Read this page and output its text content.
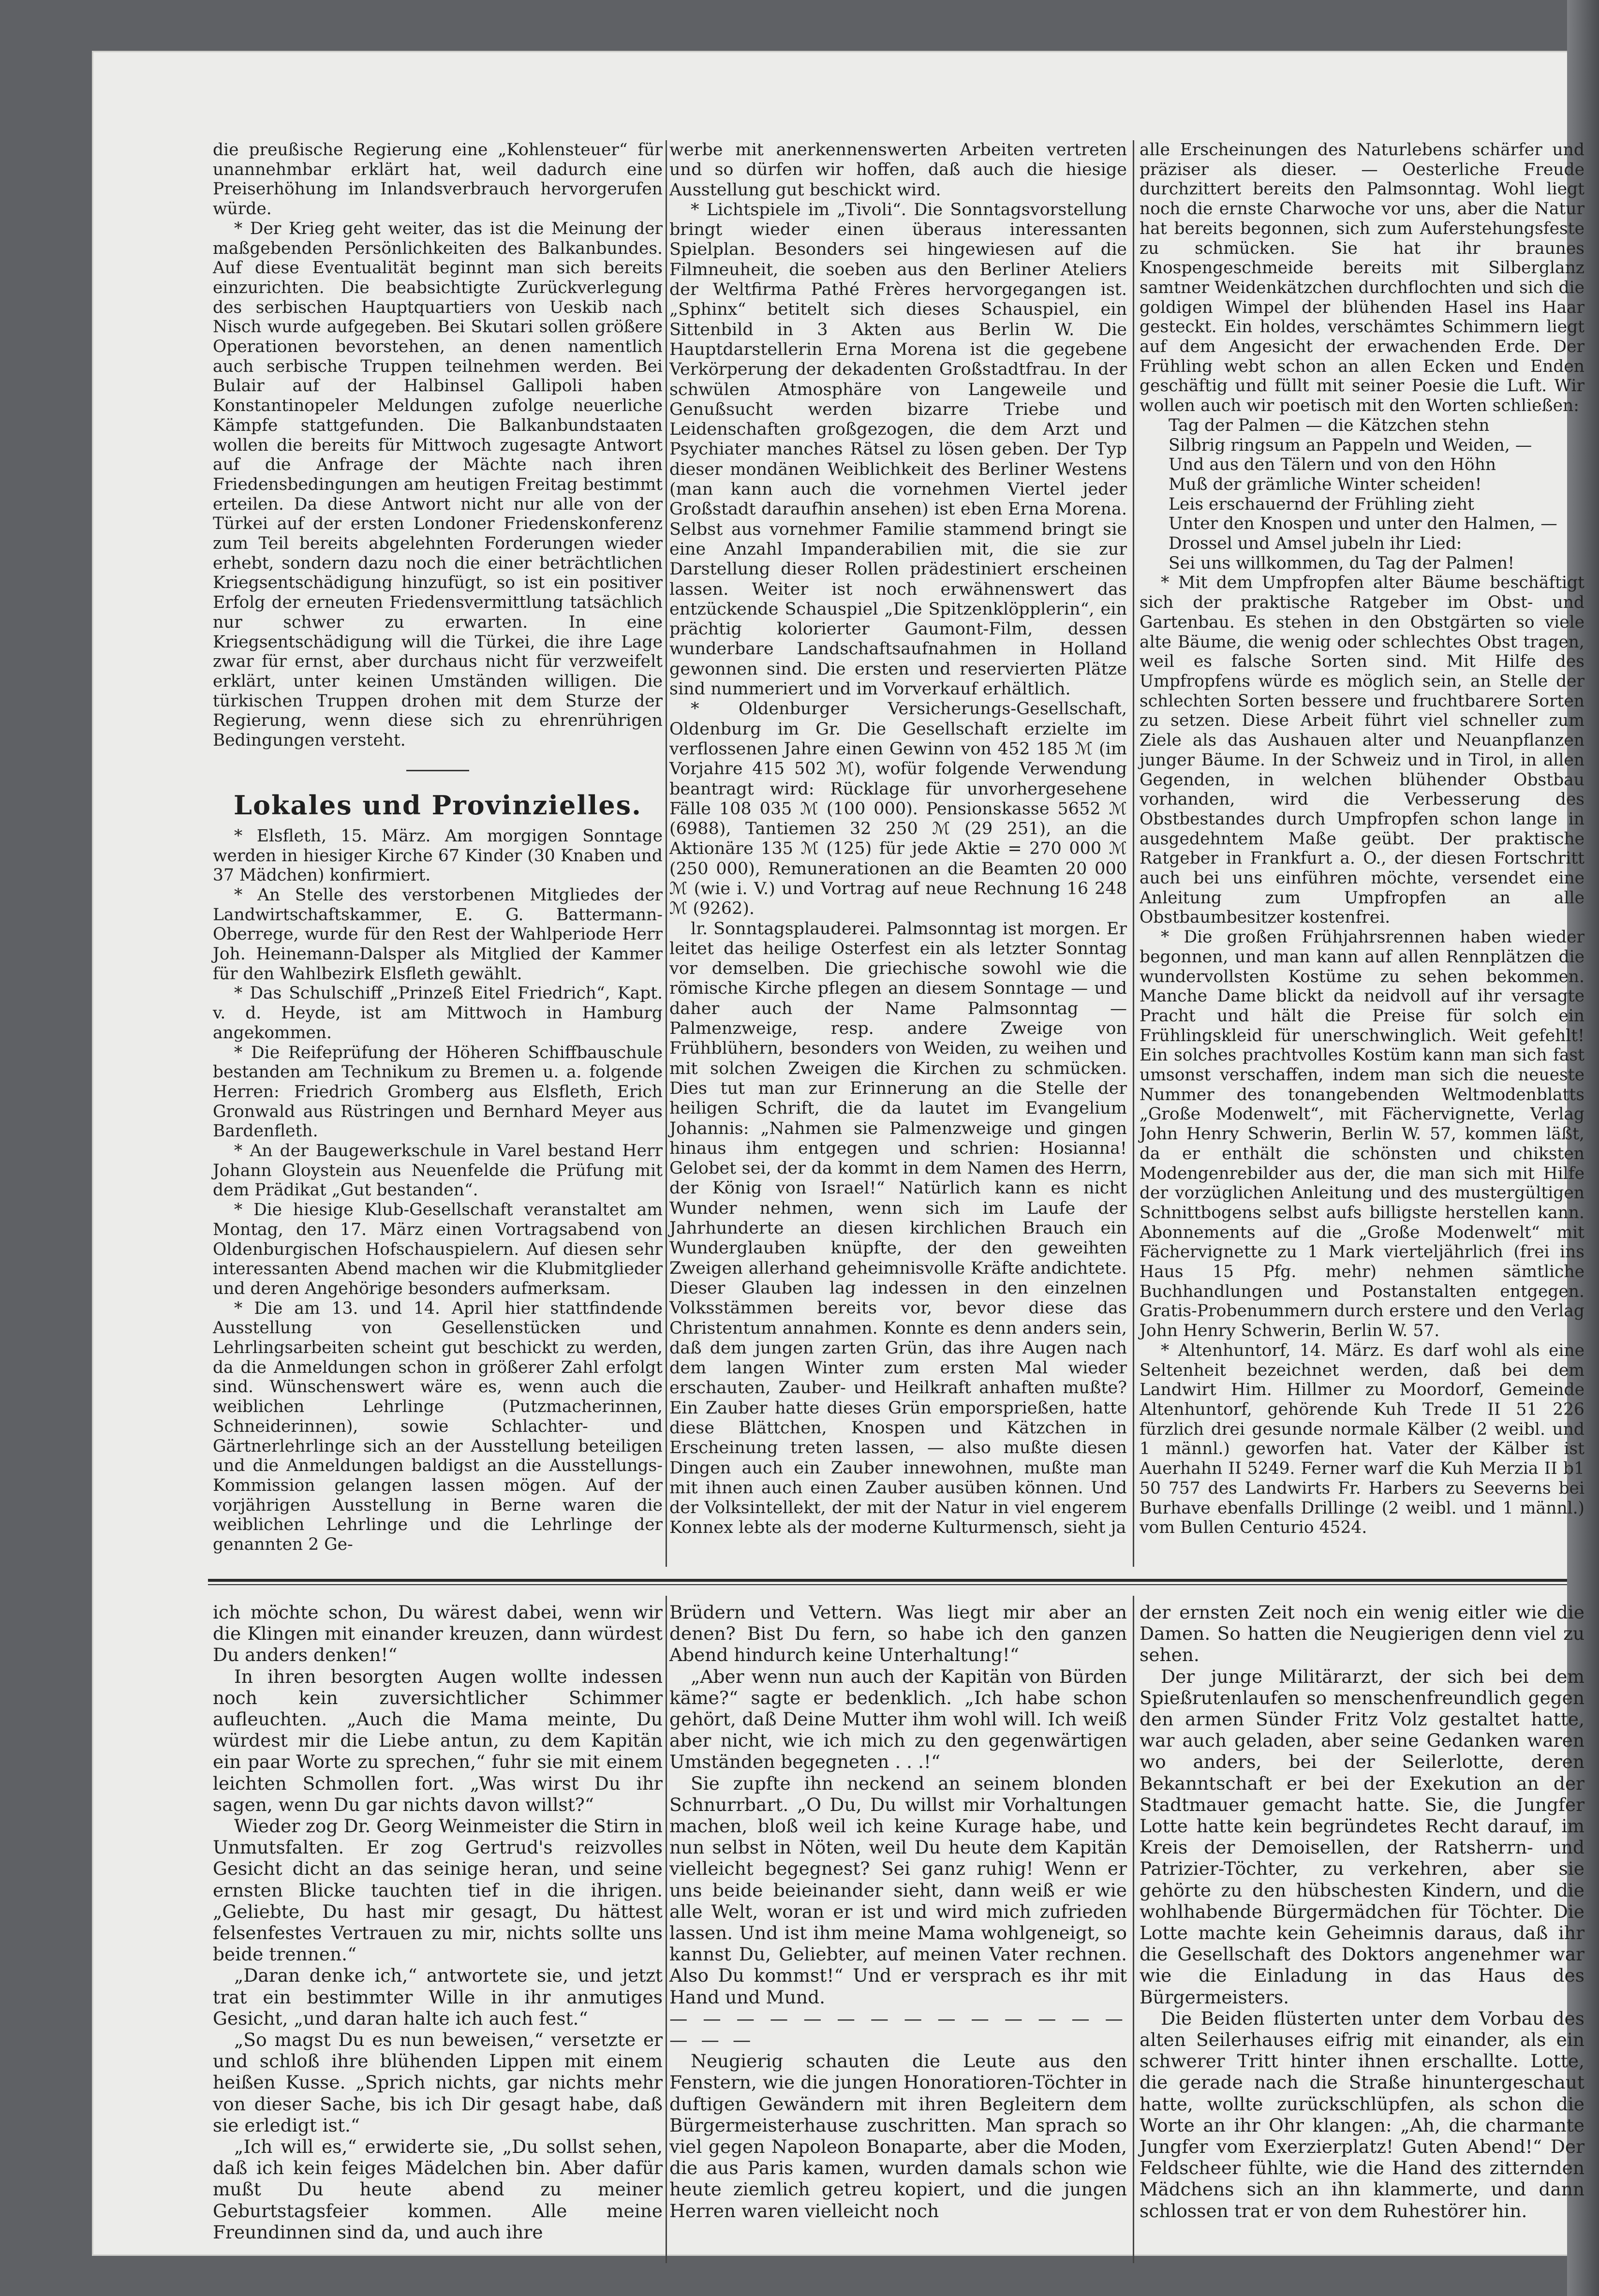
die preußische Regierung eine „Kohlensteuer“ für unannehmbar erklärt hat, weil dadurch eine Preiserhöhung im Inlandsverbrauch hervorgerufen würde.

* Der Krieg geht weiter, das ist die Meinung der maßgebenden Persönlichkeiten des Balkanbundes. Auf diese Eventualität beginnt man sich bereits einzurichten. Die beabsichtigte Zurückverlegung des serbischen Hauptquartiers von Ueskib nach Nisch wurde aufgegeben. Bei Skutari sollen größere Operationen bevorstehen, an denen namentlich auch serbische Truppen teilnehmen werden. Bei Bulair auf der Halbinsel Gallipoli haben Konstantinopeler Meldungen zufolge neuerliche Kämpfe stattgefunden. Die Balkanbundstaaten wollen die bereits für Mittwoch zugesagte Antwort auf die Anfrage der Mächte nach ihren Friedensbedingungen am heutigen Freitag bestimmt erteilen. Da diese Antwort nicht nur alle von der Türkei auf der ersten Londoner Friedenskonferenz zum Teil bereits abgelehnten Forderungen wieder erhebt, sondern dazu noch die einer beträchtlichen Kriegsentschädigung hinzufügt, so ist ein positiver Erfolg der erneuten Friedensvermittlung tatsächlich nur schwer zu erwarten. In eine Kriegsentschädigung will die Türkei, die ihre Lage zwar für ernst, aber durchaus nicht für verzweifelt erklärt, unter keinen Umständen willigen. Die türkischen Truppen drohen mit dem Sturze der Regierung, wenn diese sich zu ehrenrührigen Bedingungen versteht.

Lokales und Provinzielles.

* Elsfleth, 15. März. Am morgigen Sonntage werden in hiesiger Kirche 67 Kinder (30 Knaben und 37 Mädchen) konfirmiert.

* An Stelle des verstorbenen Mitgliedes der Landwirtschaftskammer, E. G. Battermann-Oberrege, wurde für den Rest der Wahlperiode Herr Joh. Heinemann-Dalsper als Mitglied der Kammer für den Wahlbezirk Elsfleth gewählt.

* Das Schulschiff „Prinzeß Eitel Friedrich“, Kapt. v. d. Heyde, ist am Mittwoch in Hamburg angekommen.

* Die Reifeprüfung der Höheren Schiffbauschule bestanden am Technikum zu Bremen u. a. folgende Herren: Friedrich Gromberg aus Elsfleth, Erich Gronwald aus Rüstringen und Bernhard Meyer aus Bardenfleth.

* An der Baugewerkschule in Varel bestand Herr Johann Gloystein aus Neuenfelde die Prüfung mit dem Prädikat „Gut bestanden“.

* Die hiesige Klub-Gesellschaft veranstaltet am Montag, den 17. März einen Vortragsabend von Oldenburgischen Hofschauspielern. Auf diesen sehr interessanten Abend machen wir die Klubmitglieder und deren Angehörige besonders aufmerksam.

* Die am 13. und 14. April hier stattfindende Ausstellung von Gesellenstücken und Lehrlingsarbeiten scheint gut beschickt zu werden, da die Anmeldungen schon in größerer Zahl erfolgt sind. Wünschenswert wäre es, wenn auch die weiblichen Lehrlinge (Putzmacherinnen, Schneiderinnen), sowie Schlachter- und Gärtnerlehrlinge sich an der Ausstellung beteiligen und die Anmeldungen baldigst an die Ausstellungs-Kommission gelangen lassen mögen. Auf der vorjährigen Ausstellung in Berne waren die weiblichen Lehrlinge und die Lehrlinge der genannten 2 Ge-

werbe mit anerkennenswerten Arbeiten vertreten und so dürfen wir hoffen, daß auch die hiesige Ausstellung gut beschickt wird.

* Lichtspiele im „Tivoli“. Die Sonntagsvorstellung bringt wieder einen überaus interessanten Spielplan. Besonders sei hingewiesen auf die Filmneuheit, die soeben aus den Berliner Ateliers der Weltfirma Pathé Frères hervorgegangen ist. „Sphinx“ betitelt sich dieses Schauspiel, ein Sittenbild in 3 Akten aus Berlin W. Die Hauptdarstellerin Erna Morena ist die gegebene Verkörperung der dekadenten Großstadtfrau. In der schwülen Atmosphäre von Langeweile und Genußsucht werden bizarre Triebe und Leidenschaften großgezogen, die dem Arzt und Psychiater manches Rätsel zu lösen geben. Der Typ dieser mondänen Weiblichkeit des Berliner Westens (man kann auch die vornehmen Viertel jeder Großstadt daraufhin ansehen) ist eben Erna Morena. Selbst aus vornehmer Familie stammend bringt sie eine Anzahl Impanderabilien mit, die sie zur Darstellung dieser Rollen prädestiniert erscheinen lassen. Weiter ist noch erwähnenswert das entzückende Schauspiel „Die Spitzenklöpplerin“, ein prächtig kolorierter Gaumont-Film, dessen wunderbare Landschaftsaufnahmen in Holland gewonnen sind. Die ersten und reservierten Plätze sind nummeriert und im Vorverkauf erhältlich.

* Oldenburger Versicherungs-Gesellschaft, Oldenburg im Gr. Die Gesellschaft erzielte im verflossenen Jahre einen Gewinn von 452 185 ℳ (im Vorjahre 415 502 ℳ), wofür folgende Verwendung beantragt wird: Rücklage für unvorhergesehene Fälle 108 035 ℳ (100 000). Pensionskasse 5652 ℳ (6988), Tantiemen 32 250 ℳ (29 251), an die Aktionäre 135 ℳ (125) für jede Aktie = 270 000 ℳ (250 000), Remunerationen an die Beamten 20 000 ℳ (wie i. V.) und Vortrag auf neue Rechnung 16 248 ℳ (9262).

lr. Sonntagsplauderei. Palmsonntag ist morgen. Er leitet das heilige Osterfest ein als letzter Sonntag vor demselben. Die griechische sowohl wie die römische Kirche pflegen an diesem Sonntage — und daher auch der Name Palmsonntag — Palmenzweige, resp. andere Zweige von Frühblühern, besonders von Weiden, zu weihen und mit solchen Zweigen die Kirchen zu schmücken. Dies tut man zur Erinnerung an die Stelle der heiligen Schrift, die da lautet im Evangelium Johannis: „Nahmen sie Palmenzweige und gingen hinaus ihm entgegen und schrien: Hosianna! Gelobet sei, der da kommt in dem Namen des Herrn, der König von Israel!“ Natürlich kann es nicht Wunder nehmen, wenn sich im Laufe der Jahrhunderte an diesen kirchlichen Brauch ein Wunderglauben knüpfte, der den geweihten Zweigen allerhand geheimnisvolle Kräfte andichtete. Dieser Glauben lag indessen in den einzelnen Volksstämmen bereits vor, bevor diese das Christentum annahmen. Konnte es denn anders sein, daß dem jungen zarten Grün, das ihre Augen nach dem langen Winter zum ersten Mal wieder erschauten, Zauber- und Heilkraft anhaften mußte? Ein Zauber hatte dieses Grün emporsprießen, hatte diese Blättchen, Knospen und Kätzchen in Erscheinung treten lassen, — also mußte diesen Dingen auch ein Zauber innewohnen, mußte man mit ihnen auch einen Zauber ausüben können. Und der Volksintellekt, der mit der Natur in viel engerem Konnex lebte als der moderne Kulturmensch, sieht ja

alle Erscheinungen des Naturlebens schärfer und präziser als dieser. — Oesterliche Freude durchzittert bereits den Palmsonntag. Wohl liegt noch die ernste Charwoche vor uns, aber die Natur hat bereits begonnen, sich zum Auferstehungsfeste zu schmücken. Sie hat ihr braunes Knospengeschmeide bereits mit Silberglanz samtner Weidenkätzchen durchflochten und sich die goldigen Wimpel der blühenden Hasel ins Haar gesteckt. Ein holdes, verschämtes Schimmern liegt auf dem Angesicht der erwachenden Erde. Der Frühling webt schon an allen Ecken und Enden geschäftig und füllt mit seiner Poesie die Luft. Wir wollen auch wir poetisch mit den Worten schließen:

Tag der Palmen — die Kätzchen stehn

Silbrig ringsum an Pappeln und Weiden, —

Und aus den Tälern und von den Höhn

Muß der grämliche Winter scheiden!

Leis erschauernd der Frühling zieht

Unter den Knospen und unter den Halmen, —

Drossel und Amsel jubeln ihr Lied:

Sei uns willkommen, du Tag der Palmen!

* Mit dem Umpfropfen alter Bäume beschäftigt sich der praktische Ratgeber im Obst- und Gartenbau. Es stehen in den Obstgärten so viele alte Bäume, die wenig oder schlechtes Obst tragen, weil es falsche Sorten sind. Mit Hilfe des Umpfropfens würde es möglich sein, an Stelle der schlechten Sorten bessere und fruchtbarere Sorten zu setzen. Diese Arbeit führt viel schneller zum Ziele als das Aushauen alter und Neuanpflanzen junger Bäume. In der Schweiz und in Tirol, in allen Gegenden, in welchen blühender Obstbau vorhanden, wird die Verbesserung des Obstbestandes durch Umpfropfen schon lange in ausgedehntem Maße geübt. Der praktische Ratgeber in Frankfurt a. O., der diesen Fortschritt auch bei uns einführen möchte, versendet eine Anleitung zum Umpfropfen an alle Obstbaumbesitzer kostenfrei.

* Die großen Frühjahrsrennen haben wieder begonnen, und man kann auf allen Rennplätzen die wundervollsten Kostüme zu sehen bekommen. Manche Dame blickt da neidvoll auf ihr versagte Pracht und hält die Preise für solch ein Frühlingskleid für unerschwinglich. Weit gefehlt! Ein solches prachtvolles Kostüm kann man sich fast umsonst verschaffen, indem man sich die neueste Nummer des tonangebenden Weltmodenblatts „Große Modenwelt“, mit Fächervignette, Verlag John Henry Schwerin, Berlin W. 57, kommen läßt, da er enthält die schönsten und chiksten Modengenrebilder aus der, die man sich mit Hilfe der vorzüglichen Anleitung und des mustergültigen Schnittbogens selbst aufs billigste herstellen kann. Abonnements auf die „Große Modenwelt“ mit Fächervignette zu 1 Mark vierteljährlich (frei ins Haus 15 Pfg. mehr) nehmen sämtliche Buchhandlungen und Postanstalten entgegen. Gratis-Probenummern durch erstere und den Verlag John Henry Schwerin, Berlin W. 57.

* Altenhuntorf, 14. März. Es darf wohl als eine Seltenheit bezeichnet werden, daß bei dem Landwirt Him. Hillmer zu Moordorf, Gemeinde Altenhuntorf, gehörende Kuh Trede II 51 226 fürzlich drei gesunde normale Kälber (2 weibl. und 1 männl.) geworfen hat. Vater der Kälber ist Auerhahn II 5249. Ferner warf die Kuh Merzia II b1 50 757 des Landwirts Fr. Harbers zu Seeverns bei Burhave ebenfalls Drillinge (2 weibl. und 1 männl.) vom Bullen Centurio 4524.

ich möchte schon, Du wärest dabei, wenn wir die Klingen mit einander kreuzen, dann würdest Du anders denken!“

In ihren besorgten Augen wollte indessen noch kein zuversichtlicher Schimmer aufleuchten. „Auch die Mama meinte, Du würdest mir die Liebe antun, zu dem Kapitän ein paar Worte zu sprechen,“ fuhr sie mit einem leichten Schmollen fort. „Was wirst Du ihr sagen, wenn Du gar nichts davon willst?“

Wieder zog Dr. Georg Weinmeister die Stirn in Unmutsfalten. Er zog Gertrud's reizvolles Gesicht dicht an das seinige heran, und seine ernsten Blicke tauchten tief in die ihrigen. „Geliebte, Du hast mir gesagt, Du hättest felsenfestes Vertrauen zu mir, nichts sollte uns beide trennen.“

„Daran denke ich,“ antwortete sie, und jetzt trat ein bestimmter Wille in ihr anmutiges Gesicht, „und daran halte ich auch fest.“

„So magst Du es nun beweisen,“ versetzte er und schloß ihre blühenden Lippen mit einem heißen Kusse. „Sprich nichts, gar nichts mehr von dieser Sache, bis ich Dir gesagt habe, daß sie erledigt ist.“

„Ich will es,“ erwiderte sie, „Du sollst sehen, daß ich kein feiges Mädelchen bin. Aber dafür mußt Du heute abend zu meiner Geburtstagsfeier kommen. Alle meine Freundinnen sind da, und auch ihre

Brüdern und Vettern. Was liegt mir aber an denen? Bist Du fern, so habe ich den ganzen Abend hindurch keine Unterhaltung!“

„Aber wenn nun auch der Kapitän von Bürden käme?“ sagte er bedenklich. „Ich habe schon gehört, daß Deine Mutter ihm wohl will. Ich weiß aber nicht, wie ich mich zu den gegenwärtigen Umständen begegneten . . .!“

Sie zupfte ihn neckend an seinem blonden Schnurrbart. „O Du, Du willst mir Vorhaltungen machen, bloß weil ich keine Kurage habe, und nun selbst in Nöten, weil Du heute dem Kapitän vielleicht begegnest? Sei ganz ruhig! Wenn er uns beide beieinander sieht, dann weiß er wie alle Welt, woran er ist und wird mich zufrieden lassen. Und ist ihm meine Mama wohlgeneigt, so kannst Du, Geliebter, auf meinen Vater rechnen. Also Du kommst!“ Und er versprach es ihr mit Hand und Mund.

— — — — — — — — — — — — — — — — —

Neugierig schauten die Leute aus den Fenstern, wie die jungen Honoratioren-Töchter in duftigen Gewändern mit ihren Begleitern dem Bürgermeisterhause zuschritten. Man sprach so viel gegen Napoleon Bonaparte, aber die Moden, die aus Paris kamen, wurden damals schon wie heute ziemlich getreu kopiert, und die jungen Herren waren vielleicht noch

der ernsten Zeit noch ein wenig eitler wie die Damen. So hatten die Neugierigen denn viel zu sehen.

Der junge Militärarzt, der sich bei dem Spießrutenlaufen so menschenfreundlich gegen den armen Sünder Fritz Volz gestaltet hatte, war auch geladen, aber seine Gedanken waren wo anders, bei der Seilerlotte, deren Bekanntschaft er bei der Exekution an der Stadtmauer gemacht hatte. Sie, die Jungfer Lotte hatte kein begründetes Recht darauf, im Kreis der Demoisellen, der Ratsherrn- und Patrizier-Töchter, zu verkehren, aber sie gehörte zu den hübschesten Kindern, und die wohlhabende Bürgermädchen für Töchter. Die Lotte machte kein Geheimnis daraus, daß ihr die Gesellschaft des Doktors angenehmer war wie die Einladung in das Haus des Bürgermeisters.

Die Beiden flüsterten unter dem Vorbau des alten Seilerhauses eifrig mit einander, als ein schwerer Tritt hinter ihnen erschallte. Lotte, die gerade nach die Straße hinuntergeschaut hatte, wollte zurückschlüpfen, als schon die Worte an ihr Ohr klangen: „Ah, die charmante Jungfer vom Exerzierplatz! Guten Abend!“ Der Feldscheer fühlte, wie die Hand des zitternden Mädchens sich an ihn klammerte, und dann schlossen trat er von dem Ruhestörer hin.
